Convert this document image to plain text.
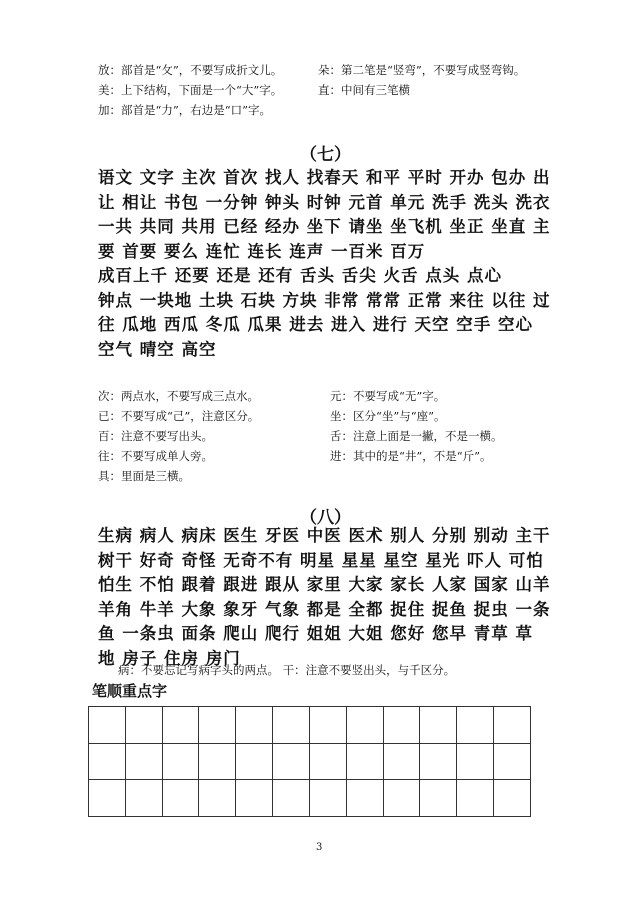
放：部首是“攵”，不要写成折文儿。
美：上下结构，下面是一个“大”字。
加：部首是“力”，右边是“口”字。
朵：第二笔是“竖弯”，不要写成竖弯钩。
直：中间有三笔横
（七）
语文 文字 主次 首次 找人 找春天 和平 平时 开办 包办 出
让 相让 书包 一分钟 钟头 时钟 元首 单元 洗手 洗头 洗衣
一共 共同 共用 已经 经办 坐下 请坐 坐飞机 坐正 坐直 主
要 首要 要么 连忙 连长 连声 一百米 百万
成百上千 还要 还是 还有 舌头 舌尖 火舌 点头 点心
钟点 一块地 土块 石块 方块 非常 常常 正常 来往 以往 过
往 瓜地 西瓜 冬瓜 瓜果 进去 进入 进行 天空 空手 空心
空气 晴空 高空
次：两点水，不要写成三点水。
已：不要写成“己”，注意区分。
百：注意不要写出头。
往：不要写成单人旁。
具：里面是三横。
元：不要写成“无”字。
坐：区分“坐”与“座”。
舌：注意上面是一撇，不是一横。
进：其中的是“井”，不是“斤”。
（八）
生病 病人 病床 医生 牙医 中医 医术 别人 分别 别动 主干
树干 好奇 奇怪 无奇不有 明星 星星 星空 星光 吓人 可怕
怕生 不怕 跟着 跟进 跟从 家里 大家 家长 人家 国家 山羊
羊角 牛羊 大象 象牙 气象 都是 全都 捉住 捉鱼 捉虫 一条
鱼 一条虫 面条 爬山 爬行 姐姐 大姐 您好 您早 青草 草
地 房子 住房 房门
病：不要忘记写病字头的两点。 干：注意不要竖出头，与千区分。
笔顺重点字
3
